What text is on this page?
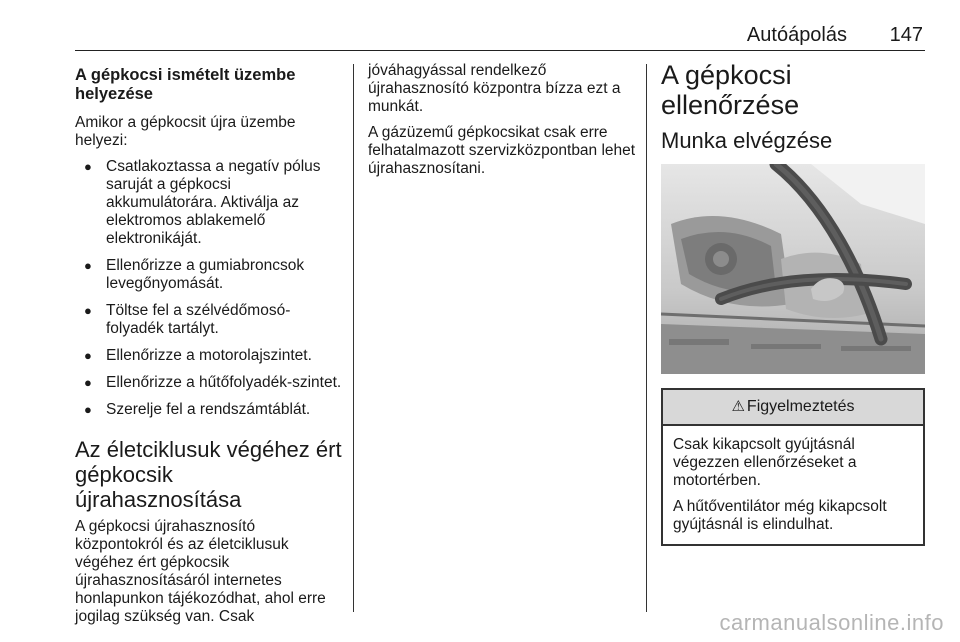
Autóápolás 147
A gépkocsi ismételt üzembe helyezése

Amikor a gépkocsit újra üzembe helyezi:

● Csatlakoztassa a negatív pólus saruját a gépkocsi akkumulátorára. Aktiválja az elektromos ablakemelő elektronikáját.
● Ellenőrizze a gumiabroncsok levegőnyomását.
● Töltse fel a szélvédőmosó-folyadék tartályt.
● Ellenőrizze a motorolajszintet.
● Ellenőrizze a hűtőfolyadék-szintet.
● Szerelje fel a rendszámtáblát.
Az életciklusuk végéhez ért gépkocsik újrahasznosítása

A gépkocsi újrahasznosító központokról és az életciklusuk végéhez ért gépkocsik újrahasznosításáról internetes honlapunkon tájékozódhat, ahol erre jogilag szükség van. Csak

jóváhagyással rendelkező újrahasznosító központra bízza ezt a munkát.

A gázüzemű gépkocsikat csak erre felhatalmazott szervizközpontban lehet újrahasznosítani.

A gépkocsi ellenőrzése
Munka elvégzése
⚠ Figyelmeztetés

Csak kikapcsolt gyújtásnál végezzen ellenőrzéseket a motortérben.

A hűtőventilátor még kikapcsolt gyújtásnál is elindulhat.

carmanualsonline.info
